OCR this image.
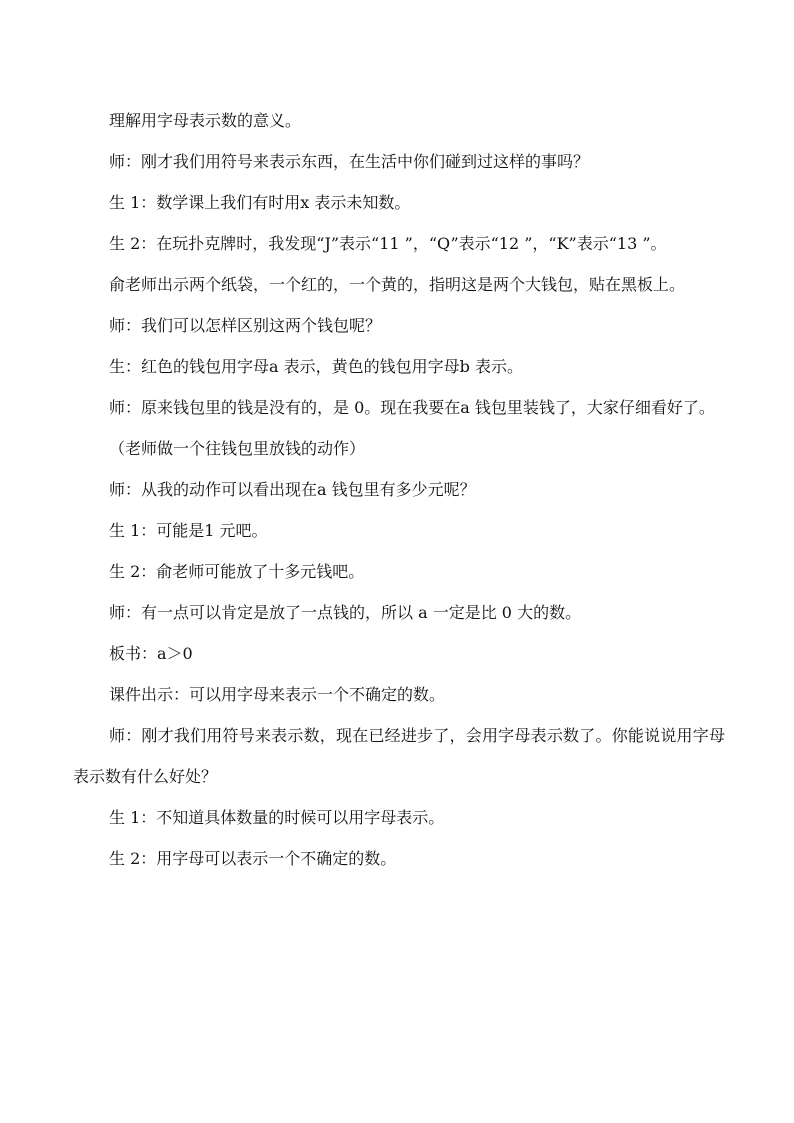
理解用字母表示数的意义。

师：刚才我们用符号来表示东西，在生活中你们碰到过这样的事吗？

生 1：数学课上我们有时用x 表示未知数。

生 2：在玩扑克牌时，我发现“J”表示“11 ”，“Q”表示“12 ”，“K”表示“13 ”。

俞老师出示两个纸袋，一个红的，一个黄的，指明这是两个大钱包，贴在黑板上。

师：我们可以怎样区别这两个钱包呢？

生：红色的钱包用字母a 表示，黄色的钱包用字母b 表示。

师：原来钱包里的钱是没有的，是 0。现在我要在a 钱包里装钱了，大家仔细看好了。

（老师做一个往钱包里放钱的动作）

师：从我的动作可以看出现在a 钱包里有多少元呢？

生 1：可能是1 元吧。

生 2：俞老师可能放了十多元钱吧。

师：有一点可以肯定是放了一点钱的，所以 a 一定是比 0 大的数。

板书：a＞0

课件出示：可以用字母来表示一个不确定的数。

师：刚才我们用符号来表示数，现在已经进步了，会用字母表示数了。你能说说用字母表示数有什么好处？

生 1：不知道具体数量的时候可以用字母表示。

生 2：用字母可以表示一个不确定的数。
